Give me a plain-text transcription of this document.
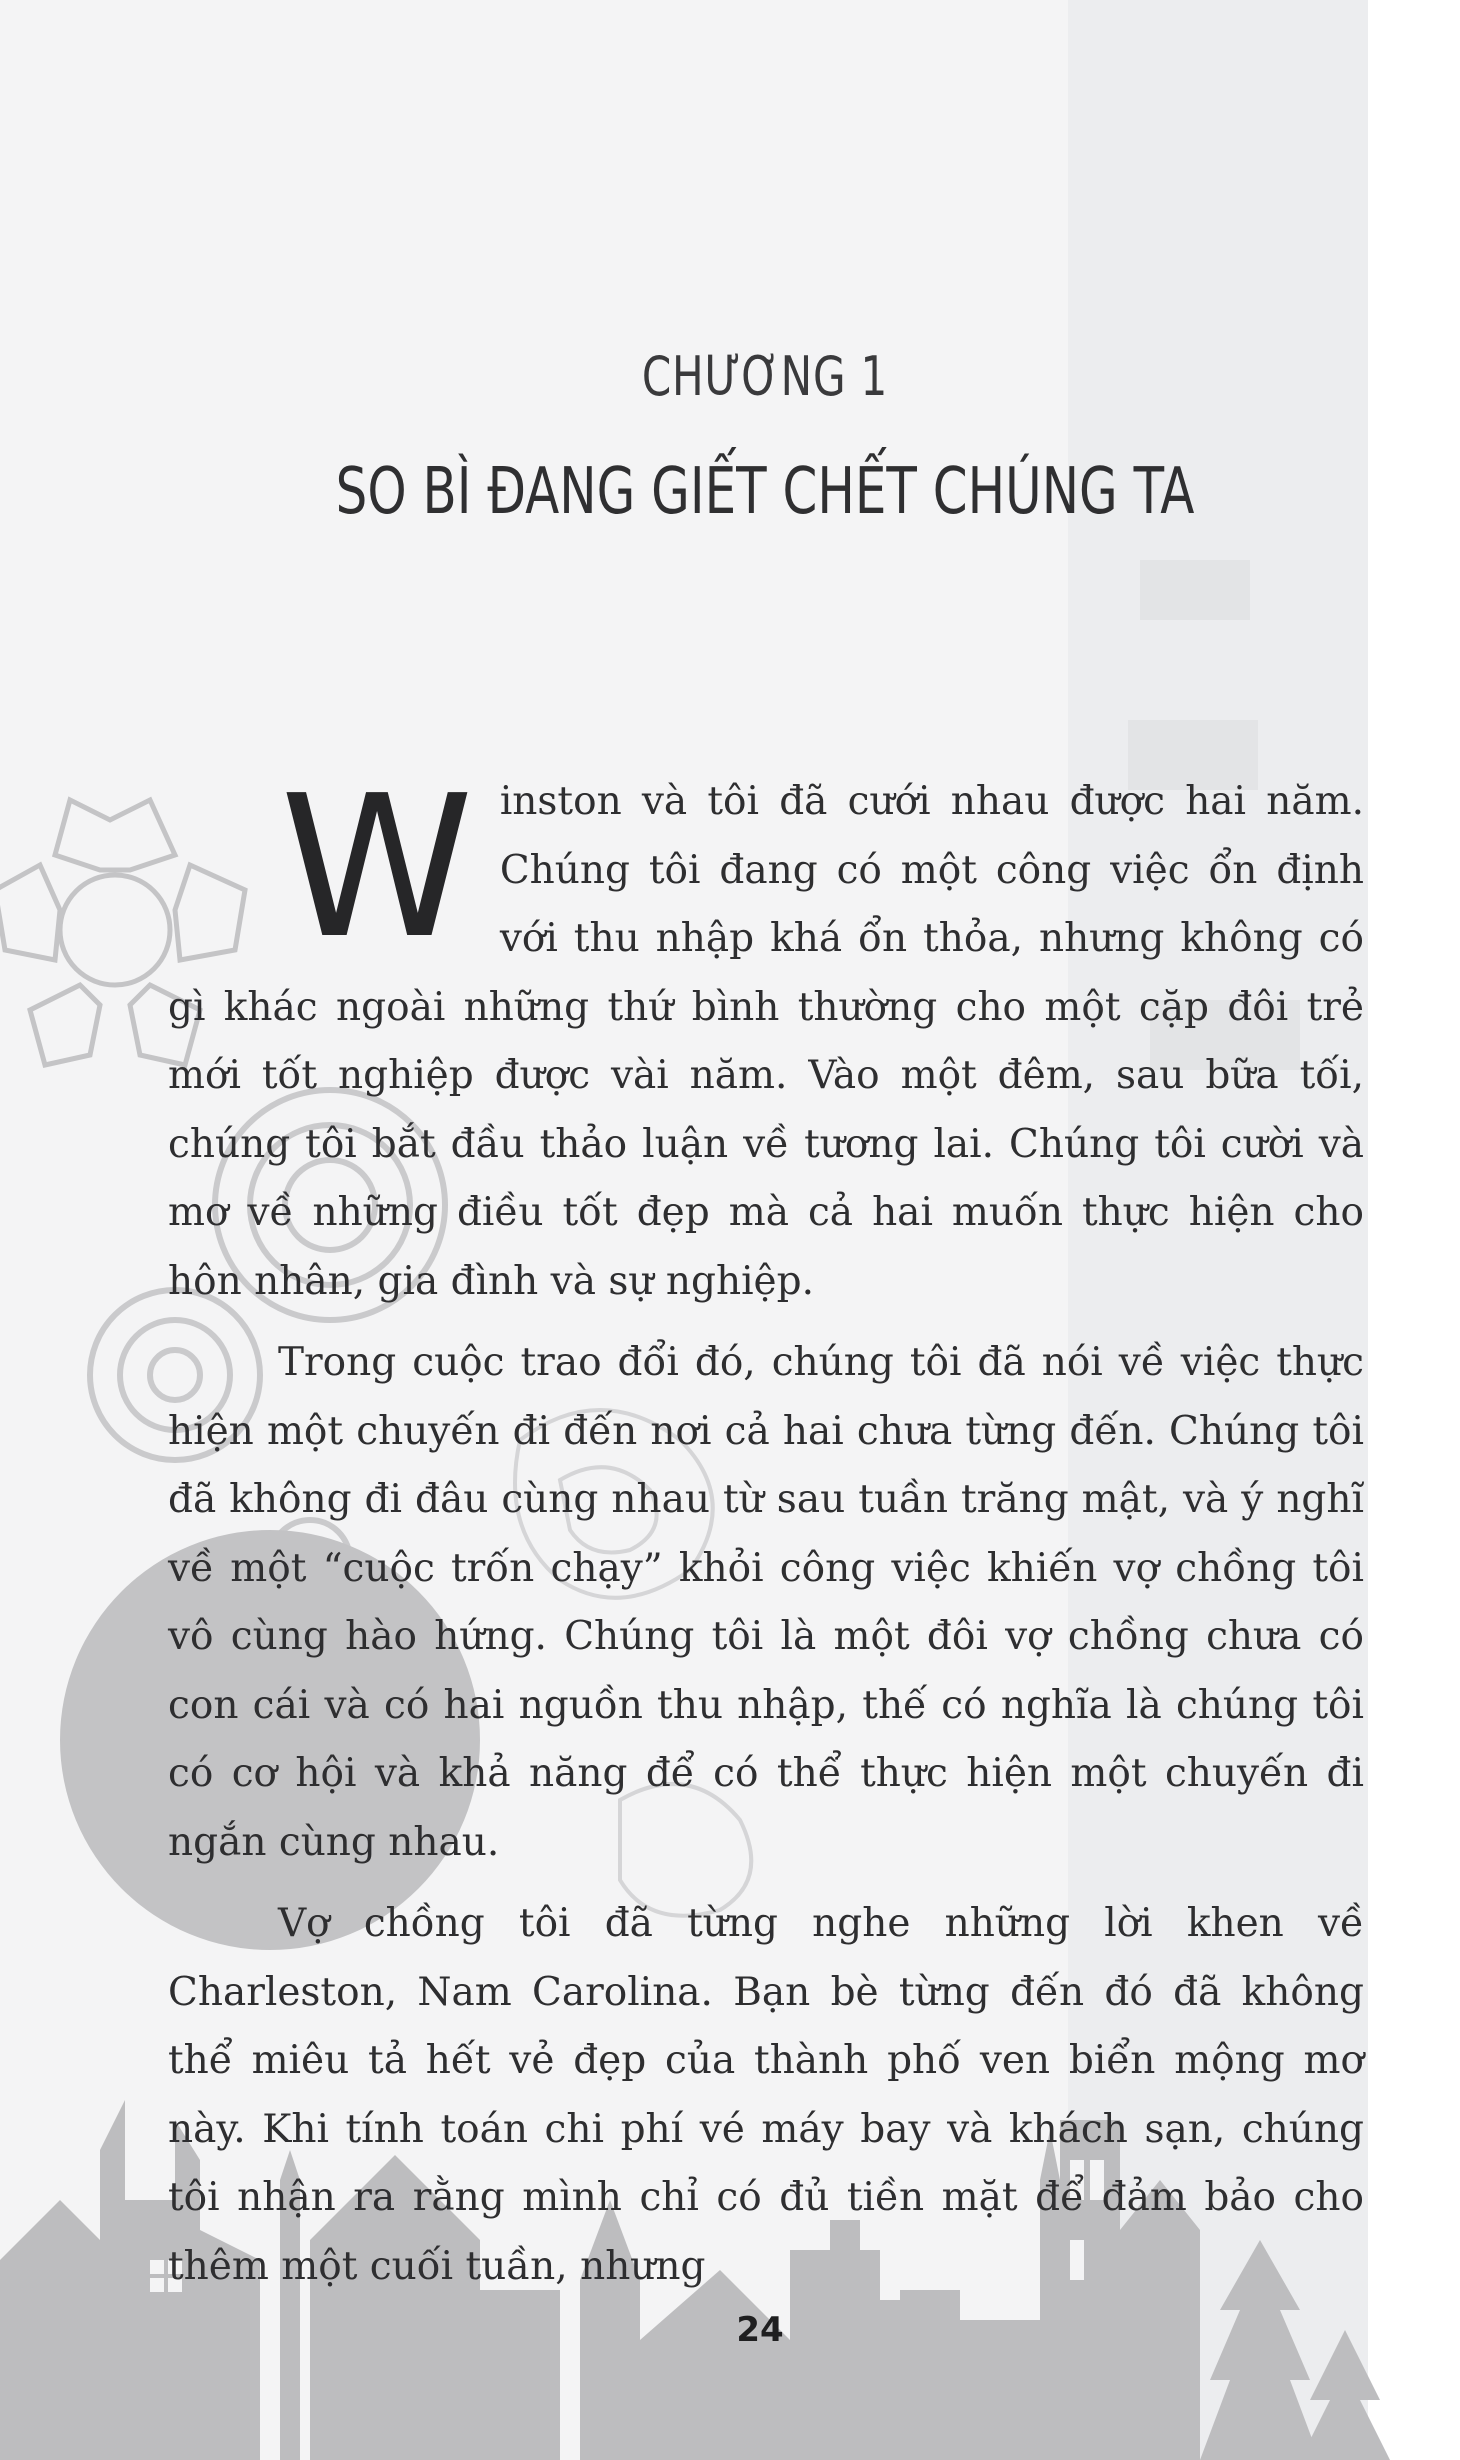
CHƯƠNG 1
SO BÌ ĐANG GIẾT CHẾT CHÚNG TA

Winston và tôi đã cưới nhau được hai năm. Chúng tôi đang có một công việc ổn định với thu nhập khá ổn thỏa, nhưng không có gì khác ngoài những thứ bình thường cho một cặp đôi trẻ mới tốt nghiệp được vài năm. Vào một đêm, sau bữa tối, chúng tôi bắt đầu thảo luận về tương lai. Chúng tôi cười và mơ về những điều tốt đẹp mà cả hai muốn thực hiện cho hôn nhân, gia đình và sự nghiệp.

Trong cuộc trao đổi đó, chúng tôi đã nói về việc thực hiện một chuyến đi đến nơi cả hai chưa từng đến. Chúng tôi đã không đi đâu cùng nhau từ sau tuần trăng mật, và ý nghĩ về một “cuộc trốn chạy” khỏi công việc khiến vợ chồng tôi vô cùng hào hứng. Chúng tôi là một đôi vợ chồng chưa có con cái và có hai nguồn thu nhập, thế có nghĩa là chúng tôi có cơ hội và khả năng để có thể thực hiện một chuyến đi ngắn cùng nhau.

Vợ chồng tôi đã từng nghe những lời khen về Charleston, Nam Carolina. Bạn bè từng đến đó đã không thể miêu tả hết vẻ đẹp của thành phố ven biển mộng mơ này. Khi tính toán chi phí vé máy bay và khách sạn, chúng tôi nhận ra rằng mình chỉ có đủ tiền mặt để đảm bảo cho thêm một cuối tuần, nhưng

24
